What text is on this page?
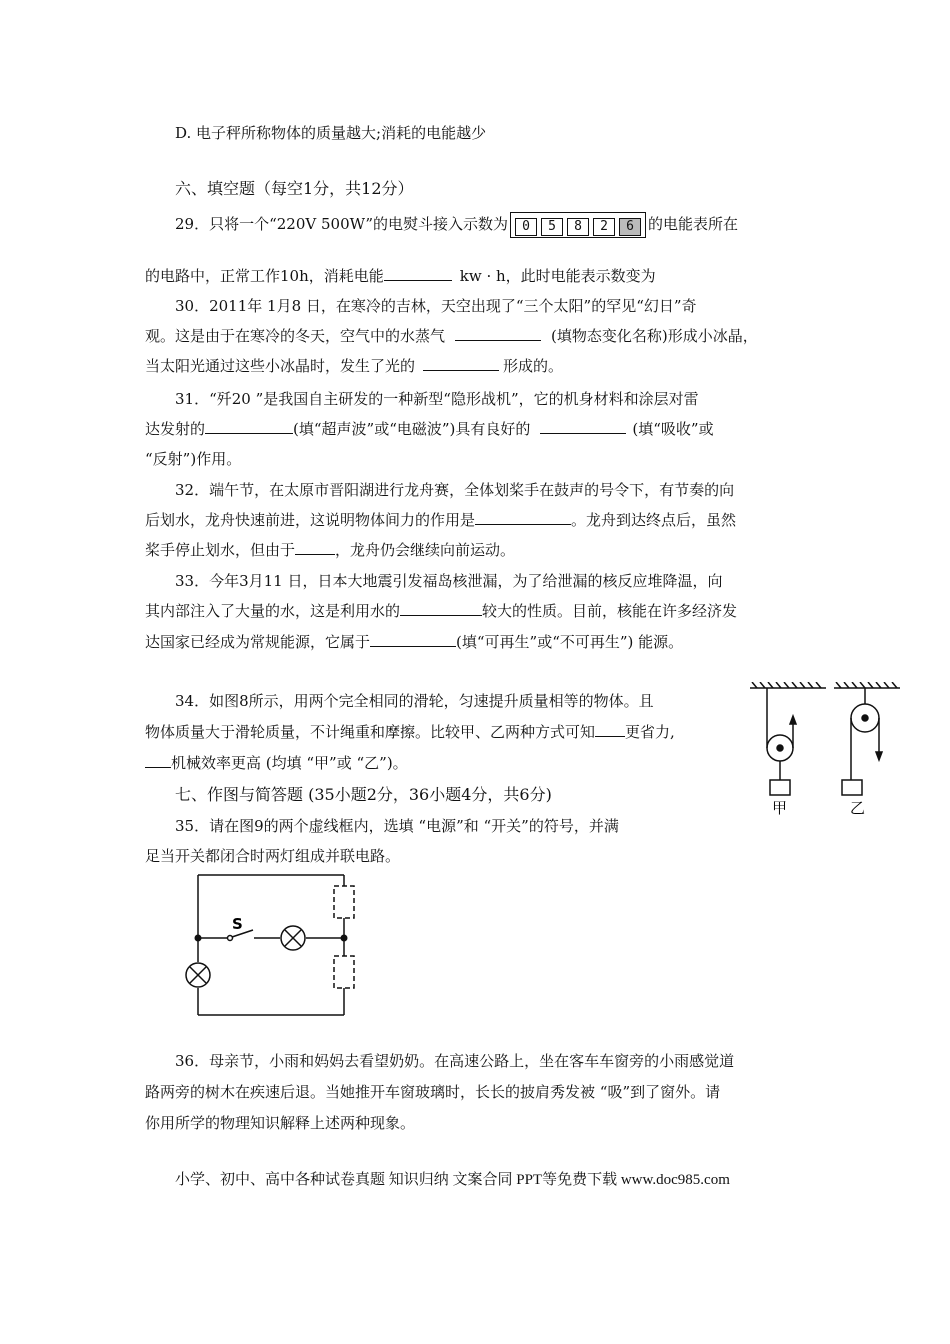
D. 电子秤所称物体的质量越大;消耗的电能越少
六、填空题（每空1分，共12分）
29．只将一个“220V 500W”的电熨斗接入示数为 0 5 8 2 6 的电能表所在
的电路中，正常工作10h，消耗电能	kw · h，此时电能表示数变为
30．2011年 1月8 日，在寒冷的吉林，天空出现了“三个太阳”的罕见“幻日”奇
观。这是由于在寒冷的冬天，空气中的水蒸气	(填物态变化名称)形成小冰晶，
当太阳光通过这些小冰晶时，发生了光的	形成的。
31．“歼20 ”是我国自主研发的一种新型“隐形战机”，它的机身材料和涂层对雷
达发射的	(填“超声波”或“电磁波”)具有良好的	(填“吸收”或
“反射”)作用。
32．端午节，在太原市晋阳湖进行龙舟赛，全体划桨手在鼓声的号令下，有节奏的向
后划水，龙舟快速前进，这说明物体间力的作用是	。龙舟到达终点后，虽然
桨手停止划水，但由于	，龙舟仍会继续向前运动。
33．今年3月11 日，日本大地震引发福岛核泄漏，为了给泄漏的核反应堆降温，向
其内部注入了大量的水，这是利用水的	较大的性质。目前，核能在许多经济发
达国家已经成为常规能源，它属于	(填“可再生”或“不可再生”) 能源。
34．如图8所示，用两个完全相同的滑轮，匀速提升质量相等的物体。且
物体质量大于滑轮质量，不计绳重和摩擦。比较甲、乙两种方式可知 更省力,
机械效率更高 (均填 “甲”或 “乙”)。
甲	乙
七、作图与简答题 (35小题2分，36小题4分，共6分)
35．请在图9的两个虚线框内，选填 “电源”和 “开关”的符号，并满
足当开关都闭合时两灯组成并联电路。
S
36．母亲节，小雨和妈妈去看望奶奶。在高速公路上，坐在客车车窗旁的小雨感觉道
路两旁的树木在疾速后退。当她推开车窗玻璃时，长长的披肩秀发被 “吸”到了窗外。请
你用所学的物理知识解释上述两种现象。
小学、初中、高中各种试卷真题 知识归纳 文案合同 PPT等免费下载 www.doc985.com
